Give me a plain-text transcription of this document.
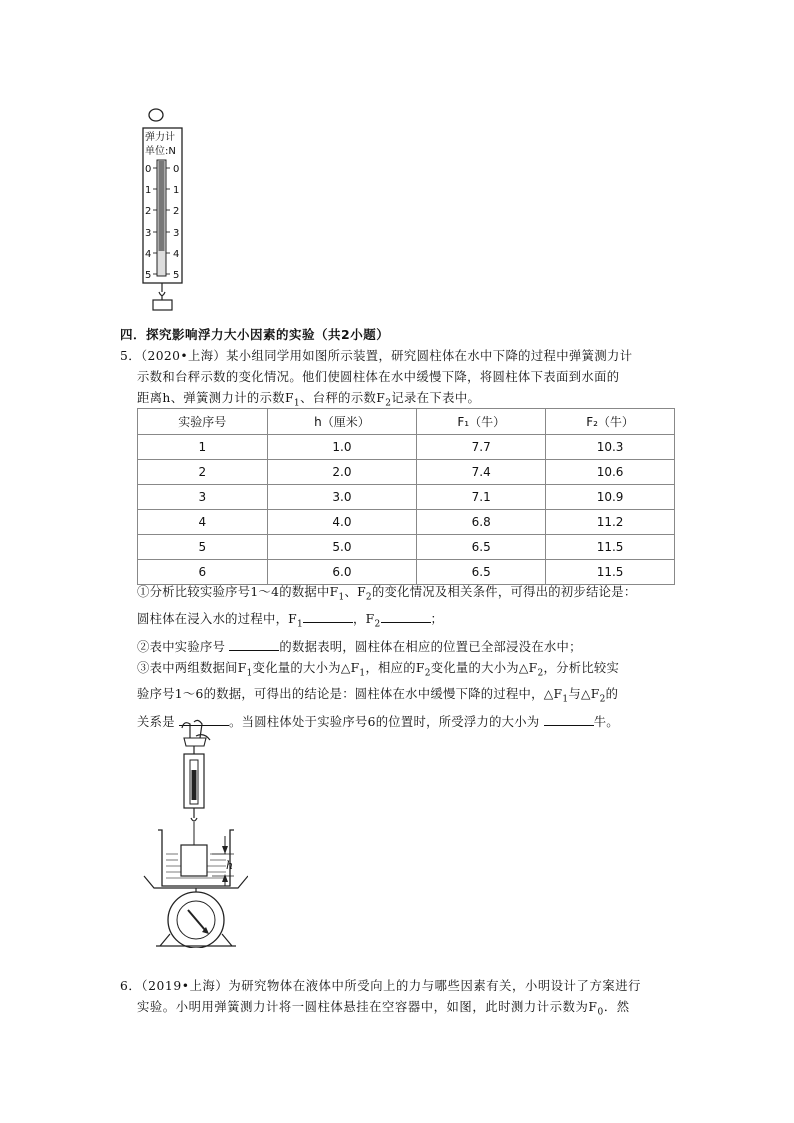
弹力计
单位:N
0
1
2
3
4
5
0
1
2
3
4
5
四．探究影响浮力大小因素的实验（共2小题）
5．（2020•上海）某小组同学用如图所示装置，研究圆柱体在水中下降的过程中弹簧测力计
示数和台秤示数的变化情况。他们使圆柱体在水中缓慢下降，将圆柱体下表面到水面的
距离h、弹簧测力计的示数$F_1$、台秤的示数$F_2$记录在下表中。
实验序号	h（厘米）	F₁（牛）	F₂（牛）
1	1.0	7.7	10.3
2	2.0	7.4	10.6
3	3.0	7.1	10.9
4	4.0	6.8	11.2
5	5.0	6.5	11.5
6	6.0	6.5	11.5
①分析比较实验序号1～4的数据中$F_1$、$F_2$的变化情况及相关条件，可得出的初步结论是：
圆柱体在浸入水的过程中，$F_1$	，$F_2$	；
②表中实验序号	的数据表明，圆柱体在相应的位置已全部浸没在水中；
③表中两组数据间$F_1$变化量的大小为$\triangle F_1$，相应的$F_2$变化量的大小为$\triangle F_2$，分析比较实
验序号1～6的数据，可得出的结论是：圆柱体在水中缓慢下降的过程中，$\triangle F_1$与$\triangle F_2$的
关系是	。当圆柱体处于实验序号6的位置时，所受浮力的大小为	牛。
h
6．（2019•上海）为研究物体在液体中所受向上的力与哪些因素有关，小明设计了方案进行
实验。小明用弹簧测力计将一圆柱体悬挂在空容器中，如图，此时测力计示数为$F_0$．然
